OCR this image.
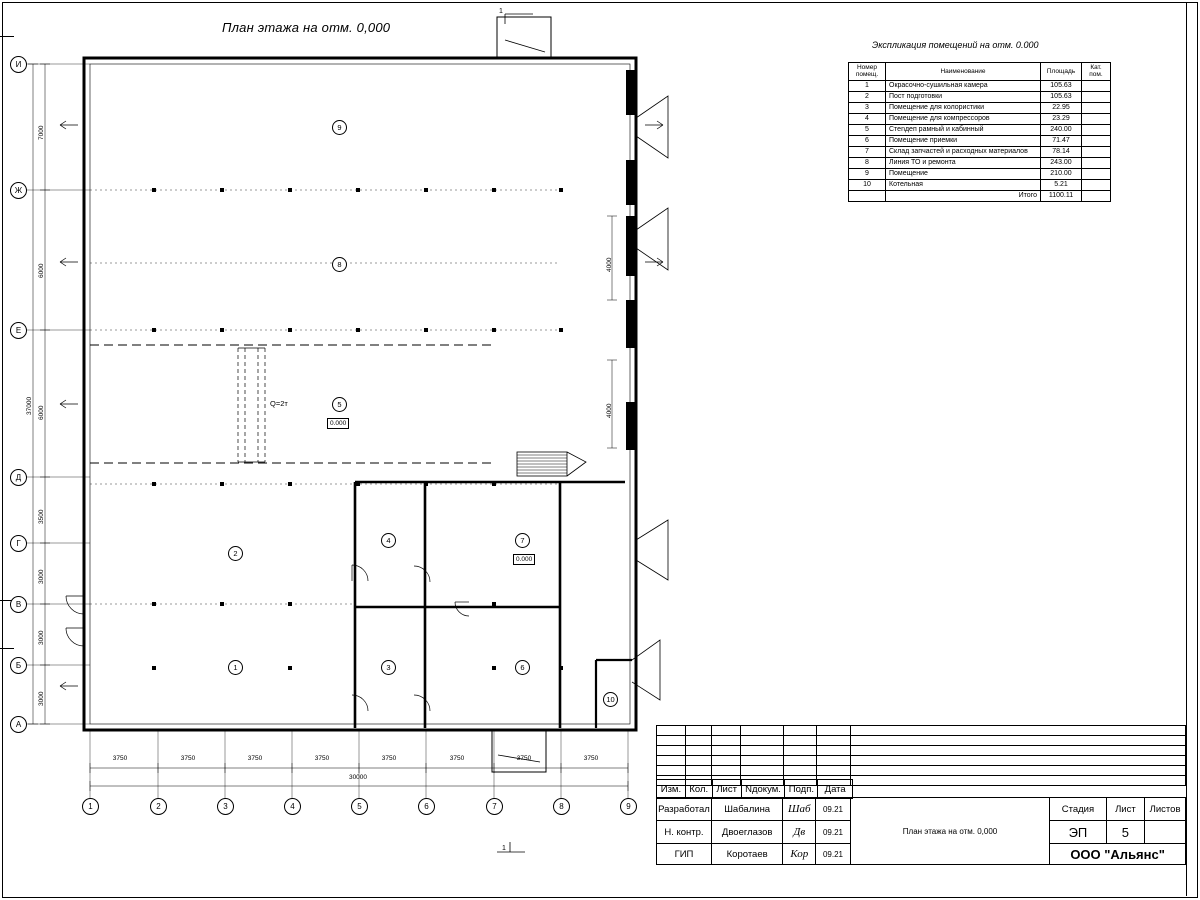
План этажа на отм. 0,000
Экспликация помещений на отм. 0.000
Номер помещ.	Наименование	Площадь	Кат. пом.
1	Окрасочно-сушильная камера	105.63	
2	Пост подготовки	105.63	
3	Помещение для колористики	22.95	
4	Помещение для компрессоров	23.29	
5	Стеnдеп рамный и кабинный	240.00	
6	Помещение приемки	71.47	
7	Склад запчастей и расходных материалов	78.14	
8	Линия ТО и ремонта	243.00	
9	Помещение	210.00	
10	Котельная	5.21	
	Итого	1100.11	
И
Ж
Е
Д
Г
В
Б
А
1	2	3	4	5	6	7	8	9
9
8
5
2
4	7
1	3	6
10
0.000
0.000
Q=2т
1
1
7000
6000
6000
3500
3000
3000
3000
37000
4000
4000
3750	3750	3750	3750	3750	3750	3750	3750
30000

Изм.	Кол.	Лист	Nдокум.	Подп.	Дата	
Разработал	Шабалина	Шаб	09.21	План этажа на отм. 0,000	Стадия	Лист	Листов
Н. контр.	Двоеглазов	Дв	09.21		ЭП	5	
ГИП	Коротаев	Кор	09.21		ООО "Альянс"		
